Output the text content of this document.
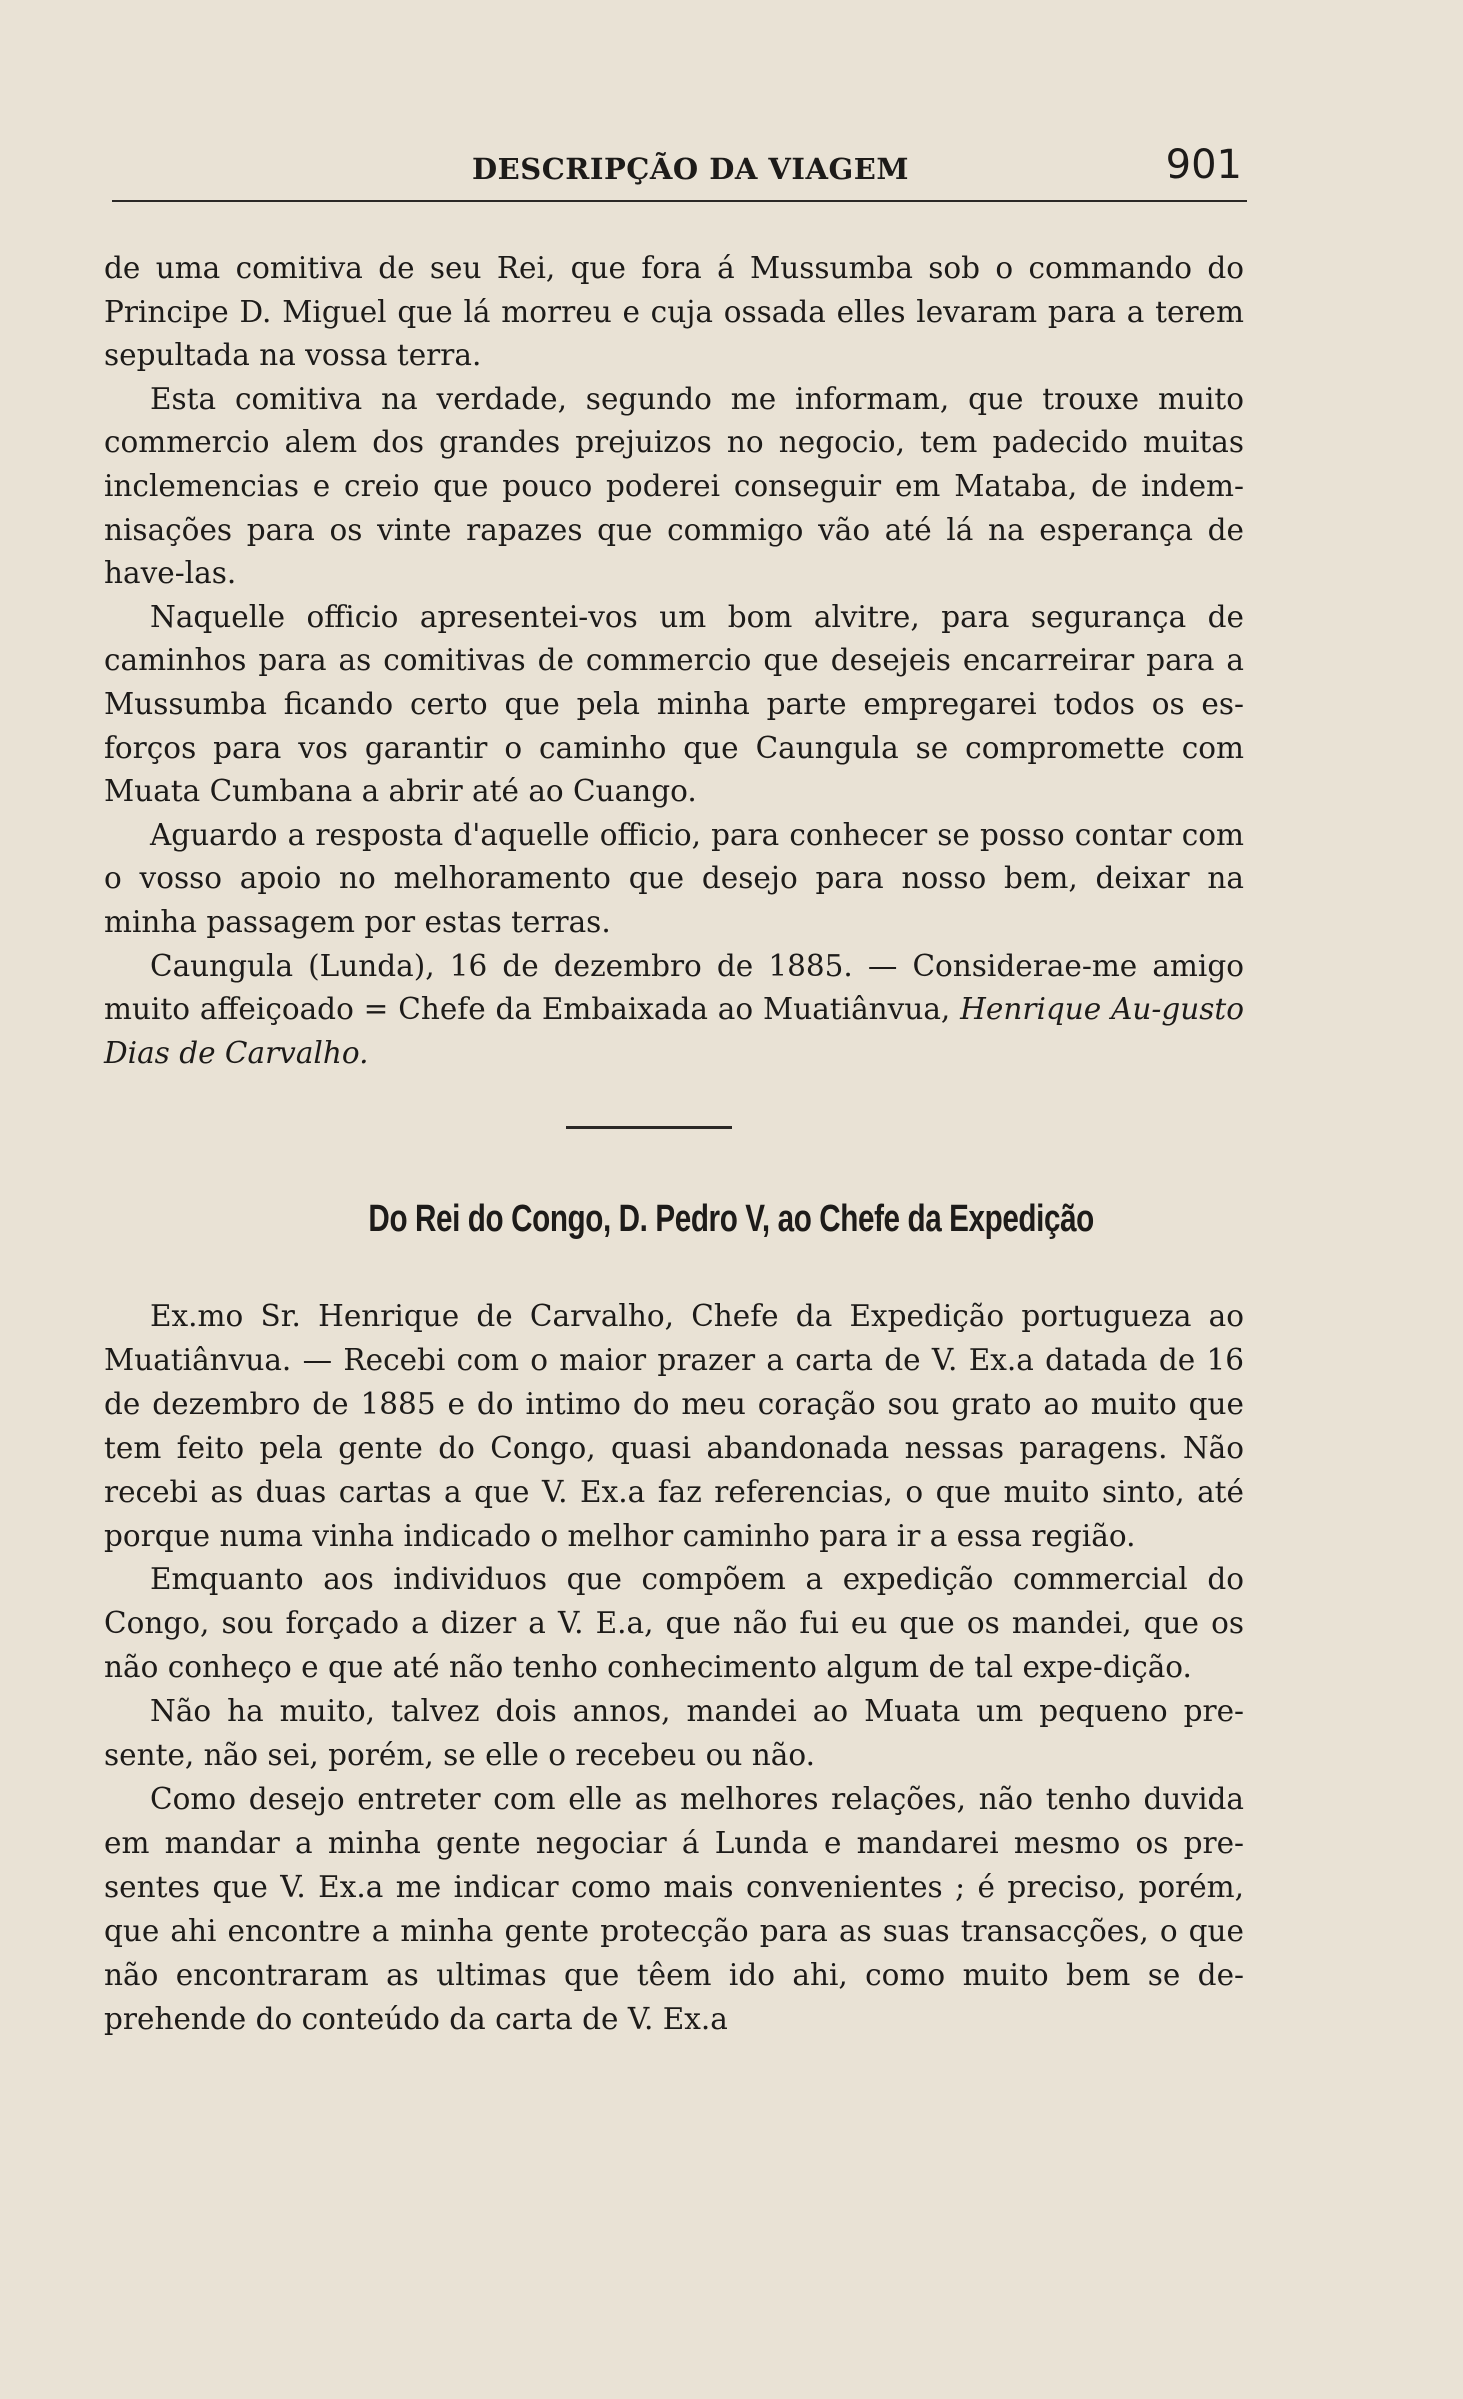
DESCRIPÇÃO DA VIAGEM	901

de uma comitiva de seu Rei, que fora á Mussumba sob o commando do Principe D. Miguel que lá morreu e cuja ossada elles levaram para a terem sepultada na vossa terra.

Esta comitiva na verdade, segundo me informam, que trouxe muito commercio alem dos grandes prejuizos no negocio, tem padecido muitas inclemencias e creio que pouco poderei conseguir em Mataba, de indem-nisações para os vinte rapazes que commigo vão até lá na esperança de have-las.

Naquelle officio apresentei-vos um bom alvitre, para segurança de caminhos para as comitivas de commercio que desejeis encarreirar para a Mussumba ficando certo que pela minha parte empregarei todos os es-forços para vos garantir o caminho que Caungula se compromette com Muata Cumbana a abrir até ao Cuango.

Aguardo a resposta d'aquelle officio, para conhecer se posso contar com o vosso apoio no melhoramento que desejo para nosso bem, deixar na minha passagem por estas terras.

Caungula (Lunda), 16 de dezembro de 1885. — Considerae-me amigo muito affeiçoado = Chefe da Embaixada ao Muatiânvua, Henrique Au-gusto Dias de Carvalho.

Do Rei do Congo, D. Pedro V, ao Chefe da Expedição

Ex.mo Sr. Henrique de Carvalho, Chefe da Expedição portugueza ao Muatiânvua. — Recebi com o maior prazer a carta de V. Ex.a datada de 16 de dezembro de 1885 e do intimo do meu coração sou grato ao muito que tem feito pela gente do Congo, quasi abandonada nessas paragens. Não recebi as duas cartas a que V. Ex.a faz referencias, o que muito sinto, até porque numa vinha indicado o melhor caminho para ir a essa região.

Emquanto aos individuos que compõem a expedição commercial do Congo, sou forçado a dizer a V. E.a, que não fui eu que os mandei, que os não conheço e que até não tenho conhecimento algum de tal expe-dição.

Não ha muito, talvez dois annos, mandei ao Muata um pequeno pre-sente, não sei, porém, se elle o recebeu ou não.

Como desejo entreter com elle as melhores relações, não tenho duvida em mandar a minha gente negociar á Lunda e mandarei mesmo os pre-sentes que V. Ex.a me indicar como mais convenientes ; é preciso, porém, que ahi encontre a minha gente protecção para as suas transacções, o que não encontraram as ultimas que têem ido ahi, como muito bem se de-prehende do conteúdo da carta de V. Ex.a
